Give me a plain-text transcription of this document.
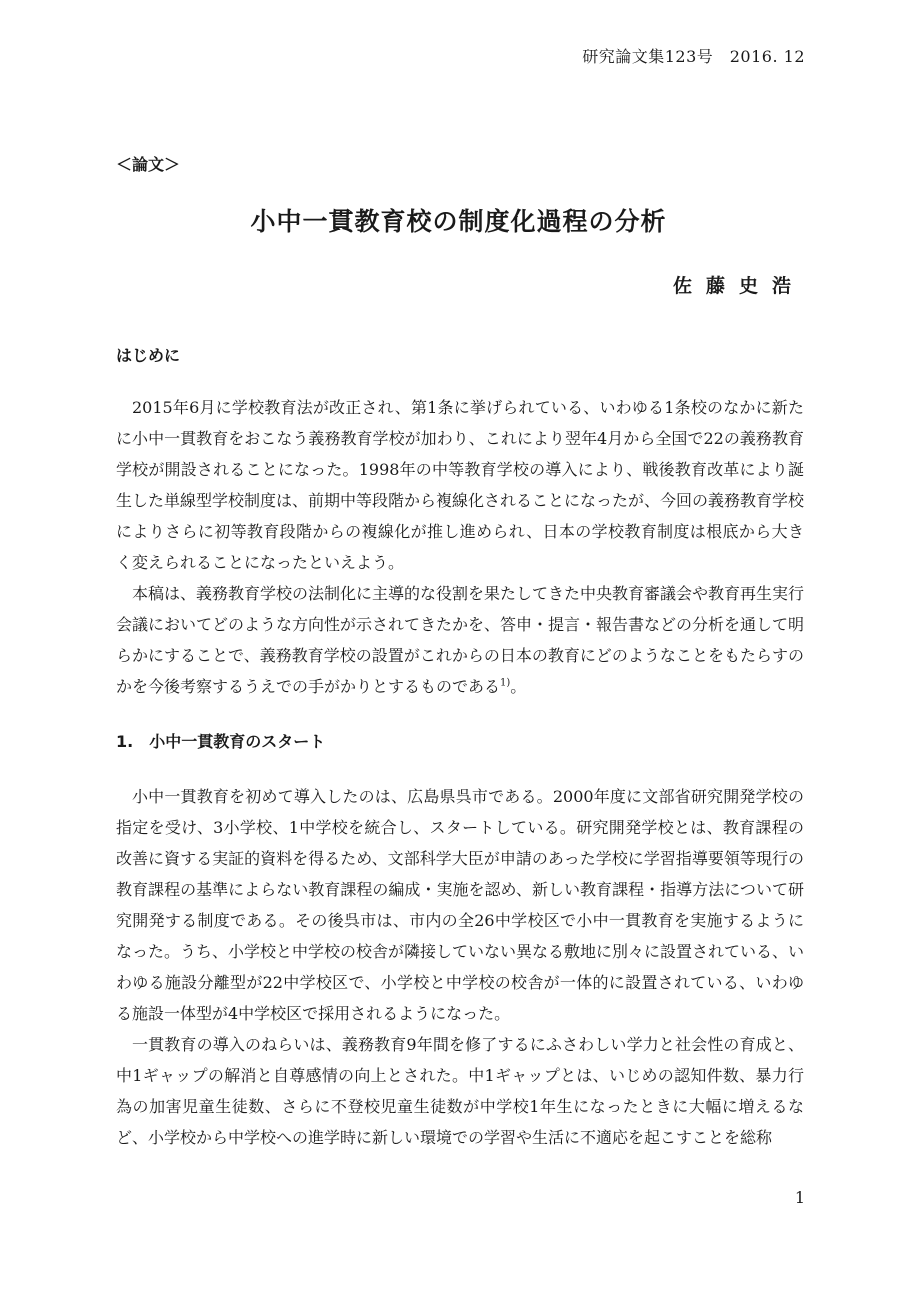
研究論文集123号　2016. 12
＜論文＞
小中一貫教育校の制度化過程の分析
佐藤史浩
はじめに

2015年6月に学校教育法が改正され、第1条に挙げられている、いわゆる1条校のなかに新たに小中一貫教育をおこなう義務教育学校が加わり、これにより翌年4月から全国で22の義務教育学校が開設されることになった。1998年の中等教育学校の導入により、戦後教育改革により誕生した単線型学校制度は、前期中等段階から複線化されることになったが、今回の義務教育学校によりさらに初等教育段階からの複線化が推し進められ、日本の学校教育制度は根底から大きく変えられることになったといえよう。

本稿は、義務教育学校の法制化に主導的な役割を果たしてきた中央教育審議会や教育再生実行会議においてどのような方向性が示されてきたかを、答申・提言・報告書などの分析を通して明らかにすることで、義務教育学校の設置がこれからの日本の教育にどのようなことをもたらすのかを今後考察するうえでの手がかりとするものである$^{1)}$。

1.　小中一貫教育のスタート

小中一貫教育を初めて導入したのは、広島県呉市である。2000年度に文部省研究開発学校の指定を受け、3小学校、1中学校を統合し、スタートしている。研究開発学校とは、教育課程の改善に資する実証的資料を得るため、文部科学大臣が申請のあった学校に学習指導要領等現行の教育課程の基準によらない教育課程の編成・実施を認め、新しい教育課程・指導方法について研究開発する制度である。その後呉市は、市内の全26中学校区で小中一貫教育を実施するようになった。うち、小学校と中学校の校舎が隣接していない異なる敷地に別々に設置されている、いわゆる施設分離型が22中学校区で、小学校と中学校の校舎が一体的に設置されている、いわゆる施設一体型が4中学校区で採用されるようになった。

一貫教育の導入のねらいは、義務教育9年間を修了するにふさわしい学力と社会性の育成と、中1ギャップの解消と自尊感情の向上とされた。中1ギャップとは、いじめの認知件数、暴力行為の加害児童生徒数、さらに不登校児童生徒数が中学校1年生になったときに大幅に増えるなど、小学校から中学校への進学時に新しい環境での学習や生活に不適応を起こすことを総称

1
